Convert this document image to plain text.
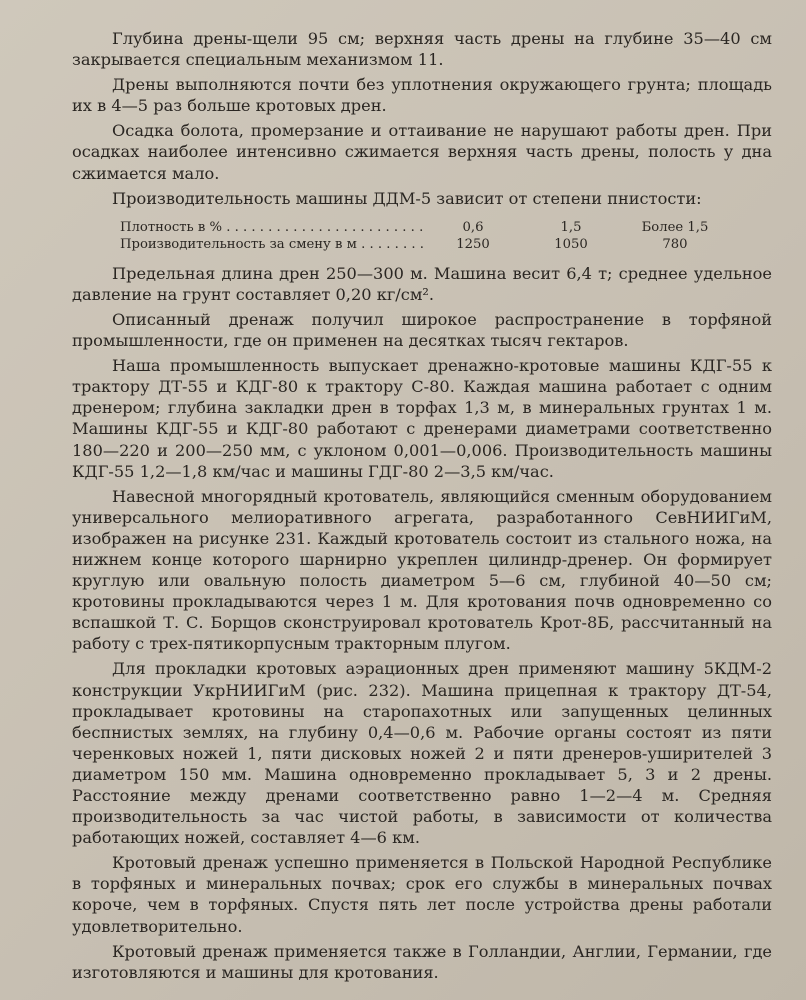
Глубина дрены-щели 95 см; верхняя часть дрены на глубине 35—40 см закрывается специальным механизмом 11.

Дрены выполняются почти без уплотнения окружающего грунта; площадь их в 4—5 раз больше кротовых дрен.

Осадка болота, промерзание и оттаивание не нарушают работы дрен. При осадках наиболее интенсивно сжимается верхняя часть дрены, полость у дна сжимается мало.

Производительность машины ДДМ-5 зависит от степени пнистости:

Плотность в % . . .	0,6	1,5	Более 1,5
Производительность за смену в м . . .	1250	1050	780

Предельная длина дрен 250—300 м. Машина весит 6,4 т; среднее удельное давление на грунт составляет 0,20 кг/см².

Описанный дренаж получил широкое распространение в торфяной промышленности, где он применен на десятках тысяч гектаров.

Наша промышленность выпускает дренажно-кротовые машины КДГ-55 к трактору ДТ-55 и КДГ-80 к трактору С-80. Каждая машина работает с одним дренером; глубина закладки дрен в торфах 1,3 м, в минеральных грунтах 1 м. Машины КДГ-55 и КДГ-80 работают с дренерами диаметрами соответственно 180—220 и 200—250 мм, с уклоном 0,001—0,006. Производительность машины КДГ-55 1,2—1,8 км/час и машины ГДГ-80 2—3,5 км/час.

Навесной многорядный кротователь, являющийся сменным оборудованием универсального мелиоративного агрегата, разработанного СевНИИГиМ, изображен на рисунке 231. Каждый кротователь состоит из стального ножа, на нижнем конце которого шарнирно укреплен цилиндр-дренер. Он формирует круглую или овальную полость диаметром 5—6 см, глубиной 40—50 см; кротовины прокладываются через 1 м. Для кротования почв одновременно со вспашкой Т. С. Борщов сконструировал кротователь Крот-8Б, рассчитанный на работу с трех-пятикорпусным тракторным плугом.

Для прокладки кротовых аэрационных дрен применяют машину 5КДМ-2 конструкции УкрНИИГиМ (рис. 232). Машина прицепная к трактору ДТ-54, прокладывает кротовины на старопахотных или запущенных целинных беспнистых землях, на глубину 0,4—0,6 м. Рабочие органы состоят из пяти черенковых ножей 1, пяти дисковых ножей 2 и пяти дренеров-уширителей 3 диаметром 150 мм. Машина одновременно прокладывает 5, 3 и 2 дрены. Расстояние между дренами соответственно равно 1—2—4 м. Средняя производительность за час чистой работы, в зависимости от количества работающих ножей, составляет 4—6 км.

Кротовый дренаж успешно применяется в Польской Народной Республике в торфяных и минеральных почвах; срок его службы в минеральных почвах короче, чем в торфяных. Спустя пять лет после устройства дрены работали удовлетворительно.

Кротовый дренаж применяется также в Голландии, Англии, Германии, где изготовляются и машины для кротования.
